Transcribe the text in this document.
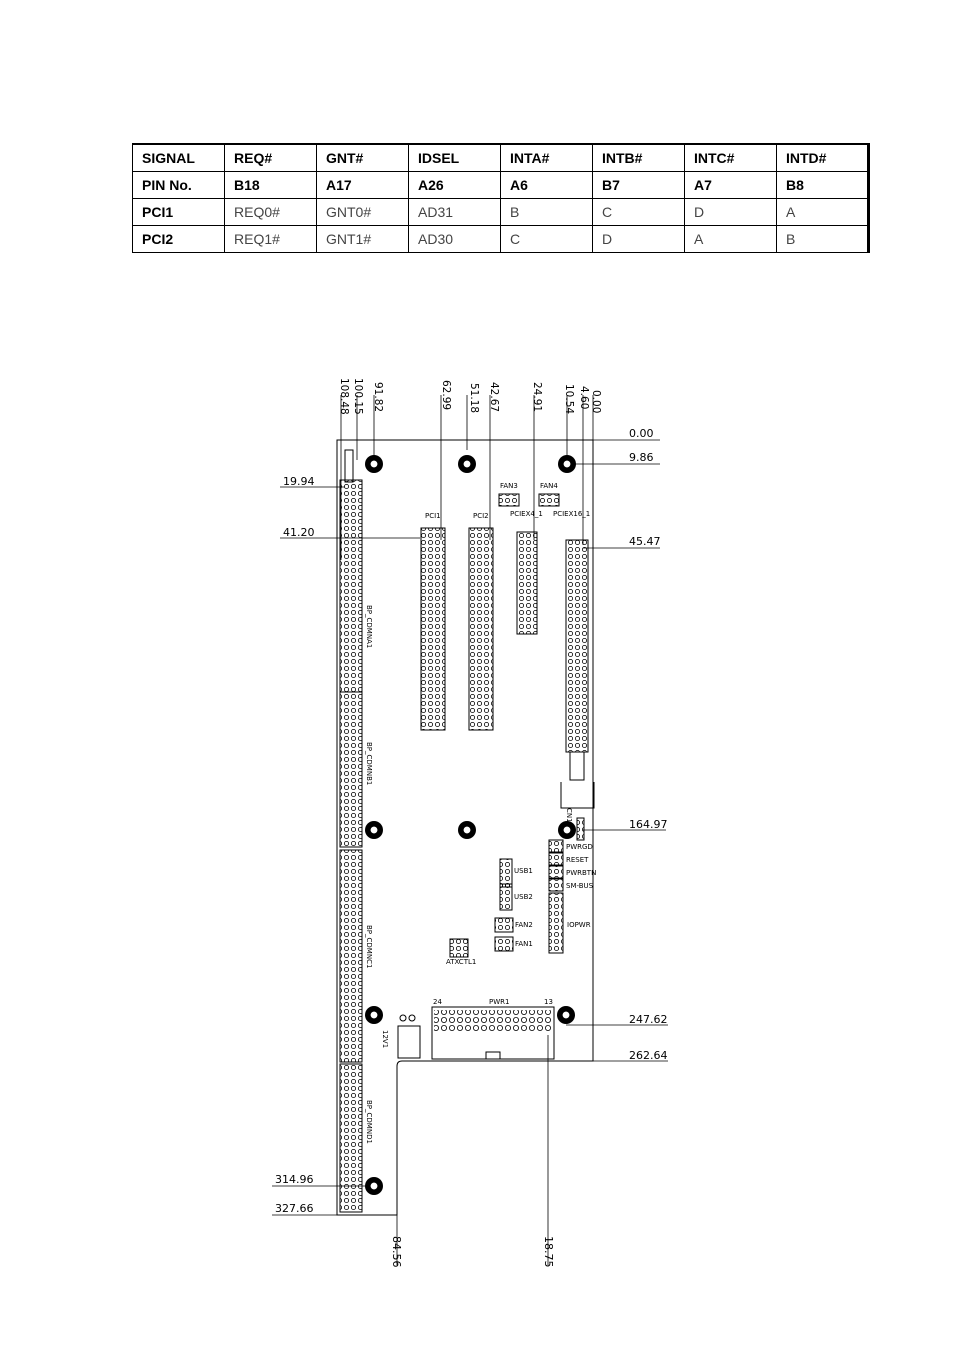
SIGNAL	REQ#	GNT#	IDSEL	INTA#	INTB#	INTC#	INTD#
PIN No.	B18	A17	A26	A6	B7	A7	B8
PCI1	REQ0#	GNT0#	AD31	B	C	D	A
PCI2	REQ1#	GNT1#	AD30	C	D	A	B
108.48 100.15 91.82	62.99 51.18 42.67	24.91 10.54 4.60 0.00
0.00
9.86
45.47
164.97
247.62
262.64
19.94
41.20
314.96
327.66
84.56	18.75
BP_CDMNA1
BP_CDMNB1
BP_CDMNC1
BP_CDMND1
PCI1	PCI2	PCIEX4_1 PCIEX16_1
FAN3	FAN4
CN1
PWRGD
RESET
PWRBTN
SM-BUS
IOPWR
USB1
USB2
FAN2
FAN1
ATXCTL1
PWR1
24	13
12V1
